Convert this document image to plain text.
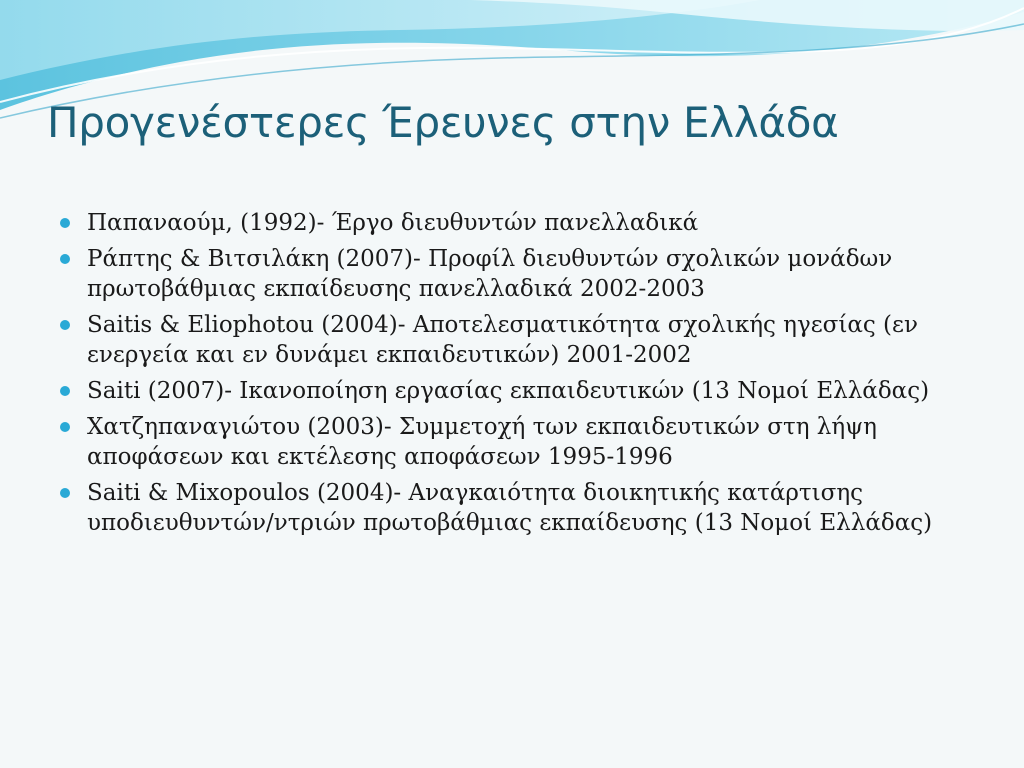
Προγενέστερες Έρευνες στην Ελλάδα
Παπαναούμ, (1992)- Έργο διευθυντών πανελλαδικά
Ράπτης & Βιτσιλάκη (2007)- Προφίλ διευθυντών σχολικών μονάδων πρωτοβάθμιας εκπαίδευσης πανελλαδικά 2002-2003
Saitis & Eliophotou (2004)- Αποτελεσματικότητα σχολικής ηγεσίας (εν ενεργεία και εν δυνάμει εκπαιδευτικών) 2001-2002
Saiti (2007)- Ικανοποίηση εργασίας εκπαιδευτικών (13 Νομοί Ελλάδας)
Χατζηπαναγιώτου (2003)- Συμμετοχή των εκπαιδευτικών στη λήψη αποφάσεων και εκτέλεσης αποφάσεων 1995-1996
Saiti & Mixopoulos (2004)- Αναγκαιότητα διοικητικής κατάρτισης υποδιευθυντών/ντριών πρωτοβάθμιας εκπαίδευσης (13 Νομοί Ελλάδας)
